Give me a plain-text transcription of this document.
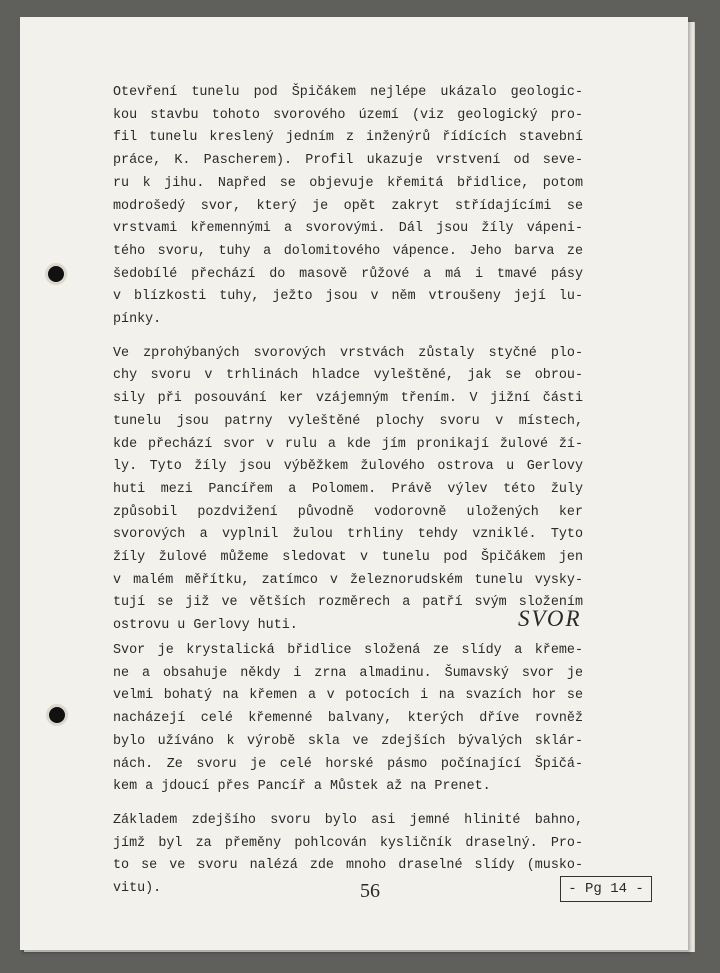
Otevření tunelu pod Špičákem nejlépe ukázalo geologic-
kou stavbu tohoto svorového území (viz geologický pro-
fil tunelu kreslený jedním z inženýrů řídících stavební
práce, K. Pascherem). Profil ukazuje vrstvení od seve-
ru k jihu. Napřed se objevuje křemitá břidlice, potom
modrošedý svor, který je opět zakryt střídajícími se
vrstvami křemennými a svorovými. Dál jsou žíly vápeni-
tého svoru, tuhy a dolomitového vápence. Jeho barva ze
šedobílé přechází do masově růžové a má i tmavé pásy
v blízkosti tuhy, ježto jsou v něm vtroušeny její lu-
pínky.

Ve zprohýbaných svorových vrstvách zůstaly styčné plo-
chy svoru v trhlinách hladce vyleštěné, jak se obrou-
sily při posouvání ker vzájemným třením. V jižní části
tunelu jsou patrny vyleštěné plochy svoru v místech,
kde přechází svor v rulu a kde jím pronikají žulové ží-
ly. Tyto žíly jsou výběžkem žulového ostrova u Gerlovy
huti mezi Pancířem a Polomem. Právě výlev této žuly
způsobil pozdvižení původně vodorovně uložených ker
svorových a vyplnil žulou trhliny tehdy vzniklé. Tyto
žíly žulové můžeme sledovat v tunelu pod Špičákem jen
v malém měřítku, zatímco v železnorudském tunelu vysky-
tují se již ve větších rozměrech a patří svým složením
ostrovu u Gerlovy huti.	SVOR

Svor je krystalická břidlice složená ze slídy a křeme-
ne a obsahuje někdy i zrna almadinu. Šumavský svor je
velmi bohatý na křemen a v potocích i na svazích hor se
nacházejí celé křemenné balvany, kterých dříve rovněž
bylo užíváno k výrobě skla ve zdejších bývalých sklár-
nách. Ze svoru je celé horské pásmo počínající Špičá-
kem a jdoucí přes Pancíř a Můstek až na Prenet.

Základem zdejšího svoru bylo asi jemné hlinité bahno,
jímž byl za přeměny pohlcován kysličník draselný. Pro-
to se ve svoru nalézá zde mnoho draselné slídy (musko-
vitu).	56	- Pg 14 -
